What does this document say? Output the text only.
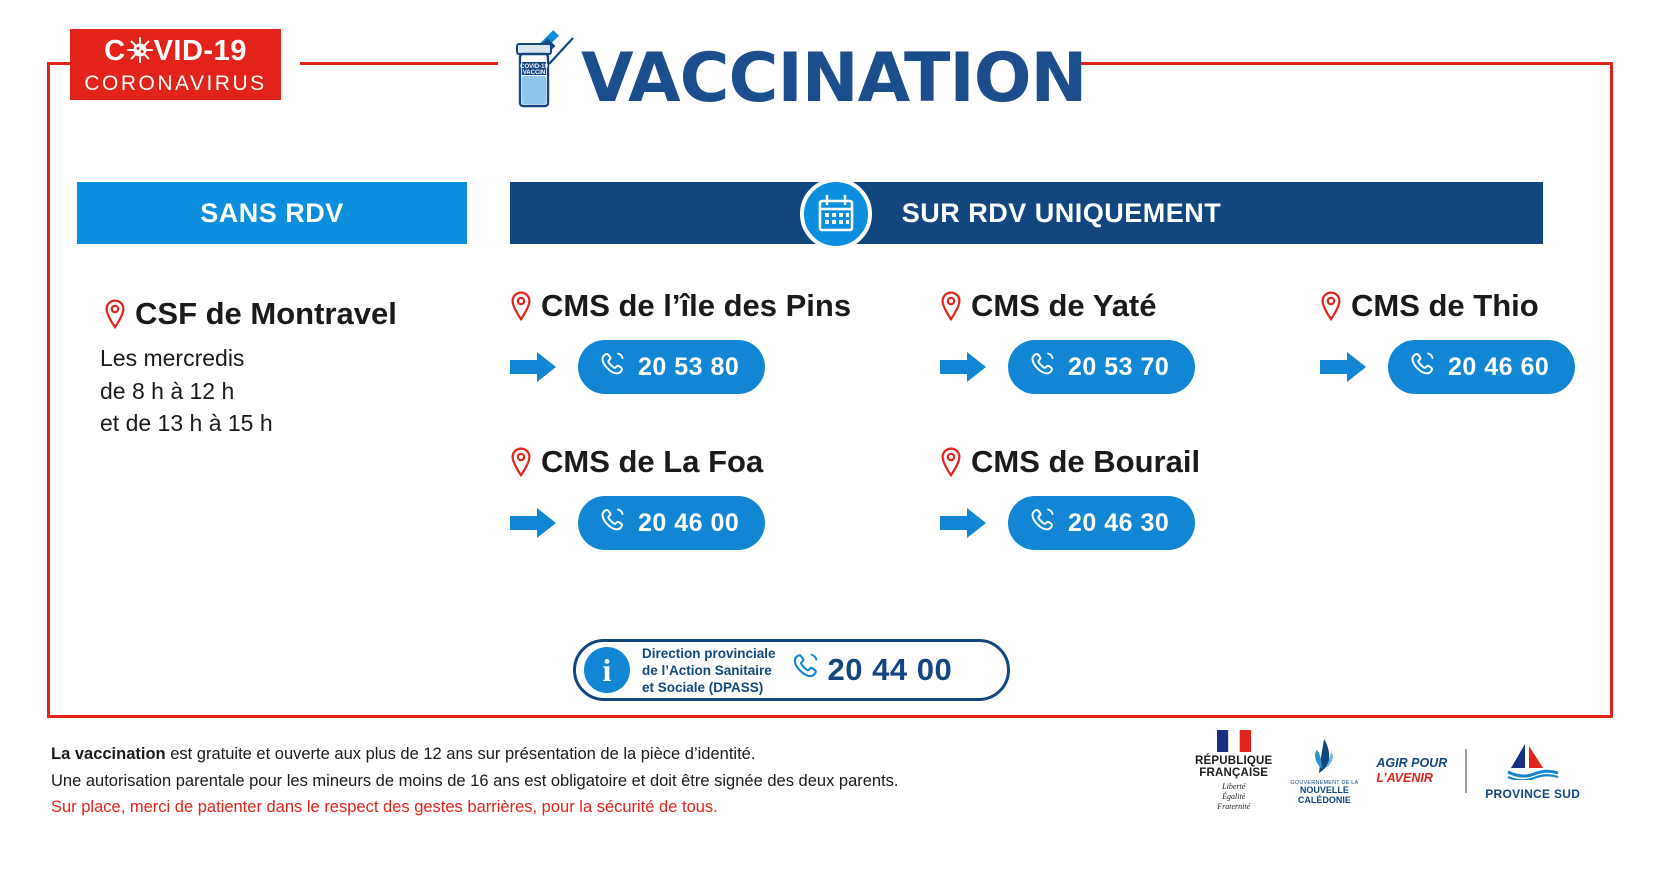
C VID-19
CORONAVIRUS
COVID-19
VACCIN VACCINATION
SANS RDV	SUR RDV UNIQUEMENT
CSF de Montravel
Les mercredis
de 8 h à 12 h
et de 13 h à 15 h
CMS de l’île des Pins
20 53 80
CMS de La Foa
20 46 00
CMS de Yaté
20 53 70
CMS de Bourail
20 46 30
CMS de Thio
20 46 60
i	Direction provinciale
de l’Action Sanitaire
et Sociale (DPASS)	20 44 00
La vaccination est gratuite et ouverte aux plus de 12 ans sur présentation de la pièce d’identité.
Une autorisation parentale pour les mineurs de moins de 16 ans est obligatoire et doit être signée des deux parents.
Sur place, merci de patienter dans le respect des gestes barrières, pour la sécurité de tous.
RÉPUBLIQUE
FRANÇAISE
Liberté
Égalité
Fraternité
GOUVERNEMENT DE LA
NOUVELLE
CALÉDONIE
AGIR POUR
L’AVENIR
PROVINCE SUD
